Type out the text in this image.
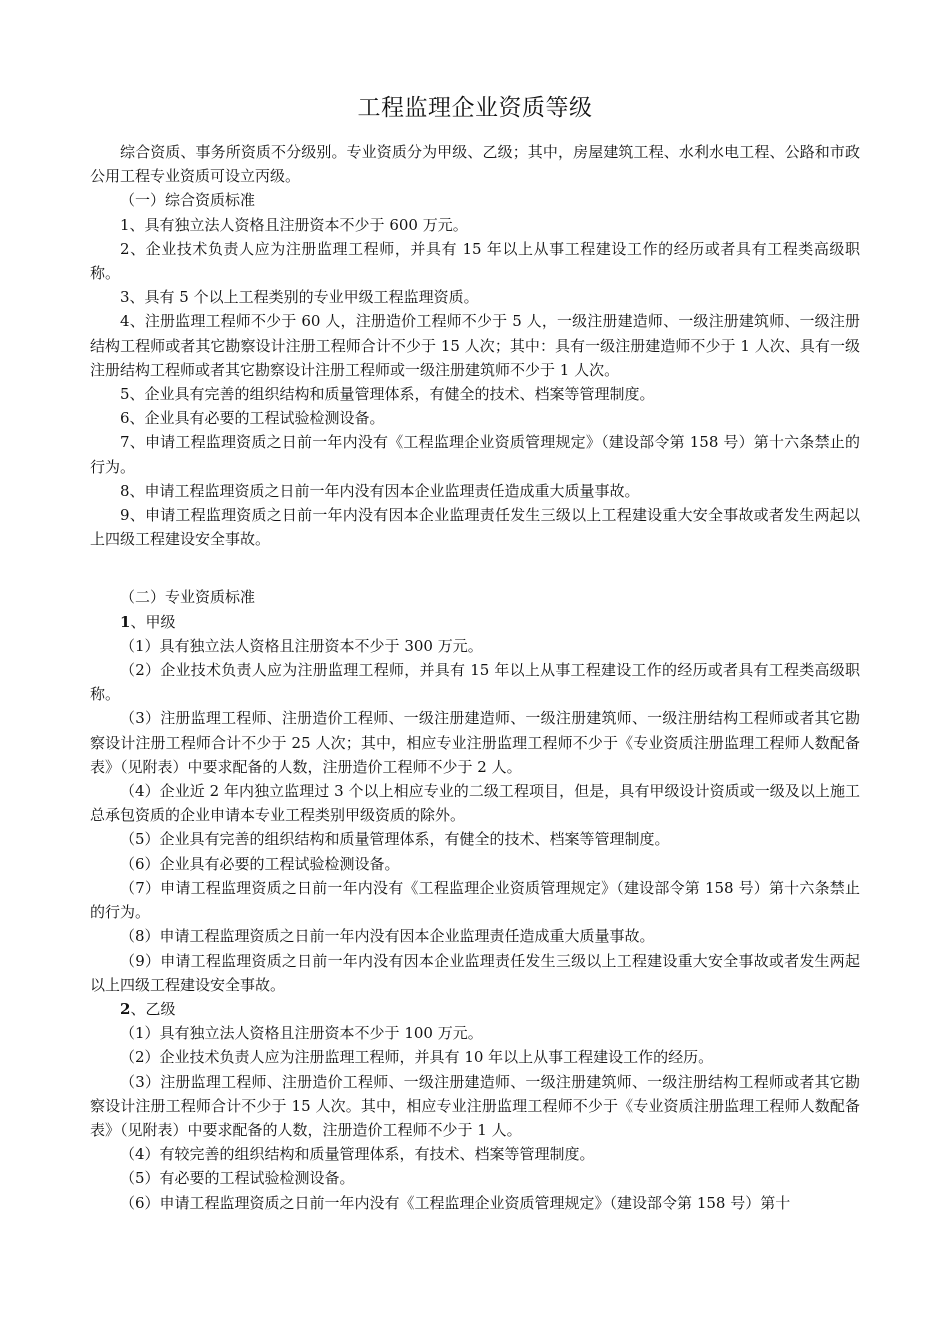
工程监理企业资质等级

综合资质、事务所资质不分级别。专业资质分为甲级、乙级；其中，房屋建筑工程、水利水电工程、公路和市政公用工程专业资质可设立丙级。

（一）综合资质标准

1、具有独立法人资格且注册资本不少于 600 万元。

2、企业技术负责人应为注册监理工程师，并具有 15 年以上从事工程建设工作的经历或者具有工程类高级职称。

3、具有 5 个以上工程类别的专业甲级工程监理资质。

4、注册监理工程师不少于 60 人，注册造价工程师不少于 5 人，一级注册建造师、一级注册建筑师、一级注册结构工程师或者其它勘察设计注册工程师合计不少于 15 人次；其中：具有一级注册建造师不少于 1 人次、具有一级注册结构工程师或者其它勘察设计注册工程师或一级注册建筑师不少于 1 人次。

5、企业具有完善的组织结构和质量管理体系，有健全的技术、档案等管理制度。

6、企业具有必要的工程试验检测设备。

7、申请工程监理资质之日前一年内没有《工程监理企业资质管理规定》（建设部令第 158 号）第十六条禁止的行为。

8、申请工程监理资质之日前一年内没有因本企业监理责任造成重大质量事故。

9、申请工程监理资质之日前一年内没有因本企业监理责任发生三级以上工程建设重大安全事故或者发生两起以上四级工程建设安全事故。

（二）专业资质标准

1、甲级

（1）具有独立法人资格且注册资本不少于 300 万元。

（2）企业技术负责人应为注册监理工程师，并具有 15 年以上从事工程建设工作的经历或者具有工程类高级职称。

（3）注册监理工程师、注册造价工程师、一级注册建造师、一级注册建筑师、一级注册结构工程师或者其它勘察设计注册工程师合计不少于 25 人次；其中，相应专业注册监理工程师不少于《专业资质注册监理工程师人数配备表》（见附表）中要求配备的人数，注册造价工程师不少于 2 人。

（4）企业近 2 年内独立监理过 3 个以上相应专业的二级工程项目，但是，具有甲级设计资质或一级及以上施工总承包资质的企业申请本专业工程类别甲级资质的除外。

（5）企业具有完善的组织结构和质量管理体系，有健全的技术、档案等管理制度。

（6）企业具有必要的工程试验检测设备。

（7）申请工程监理资质之日前一年内没有《工程监理企业资质管理规定》（建设部令第 158 号）第十六条禁止的行为。

（8）申请工程监理资质之日前一年内没有因本企业监理责任造成重大质量事故。

（9）申请工程监理资质之日前一年内没有因本企业监理责任发生三级以上工程建设重大安全事故或者发生两起以上四级工程建设安全事故。

2、乙级

（1）具有独立法人资格且注册资本不少于 100 万元。

（2）企业技术负责人应为注册监理工程师，并具有 10 年以上从事工程建设工作的经历。

（3）注册监理工程师、注册造价工程师、一级注册建造师、一级注册建筑师、一级注册结构工程师或者其它勘察设计注册工程师合计不少于 15 人次。其中，相应专业注册监理工程师不少于《专业资质注册监理工程师人数配备表》（见附表）中要求配备的人数，注册造价工程师不少于 1 人。

（4）有较完善的组织结构和质量管理体系，有技术、档案等管理制度。

（5）有必要的工程试验检测设备。

（6）申请工程监理资质之日前一年内没有《工程监理企业资质管理规定》（建设部令第 158 号）第十
